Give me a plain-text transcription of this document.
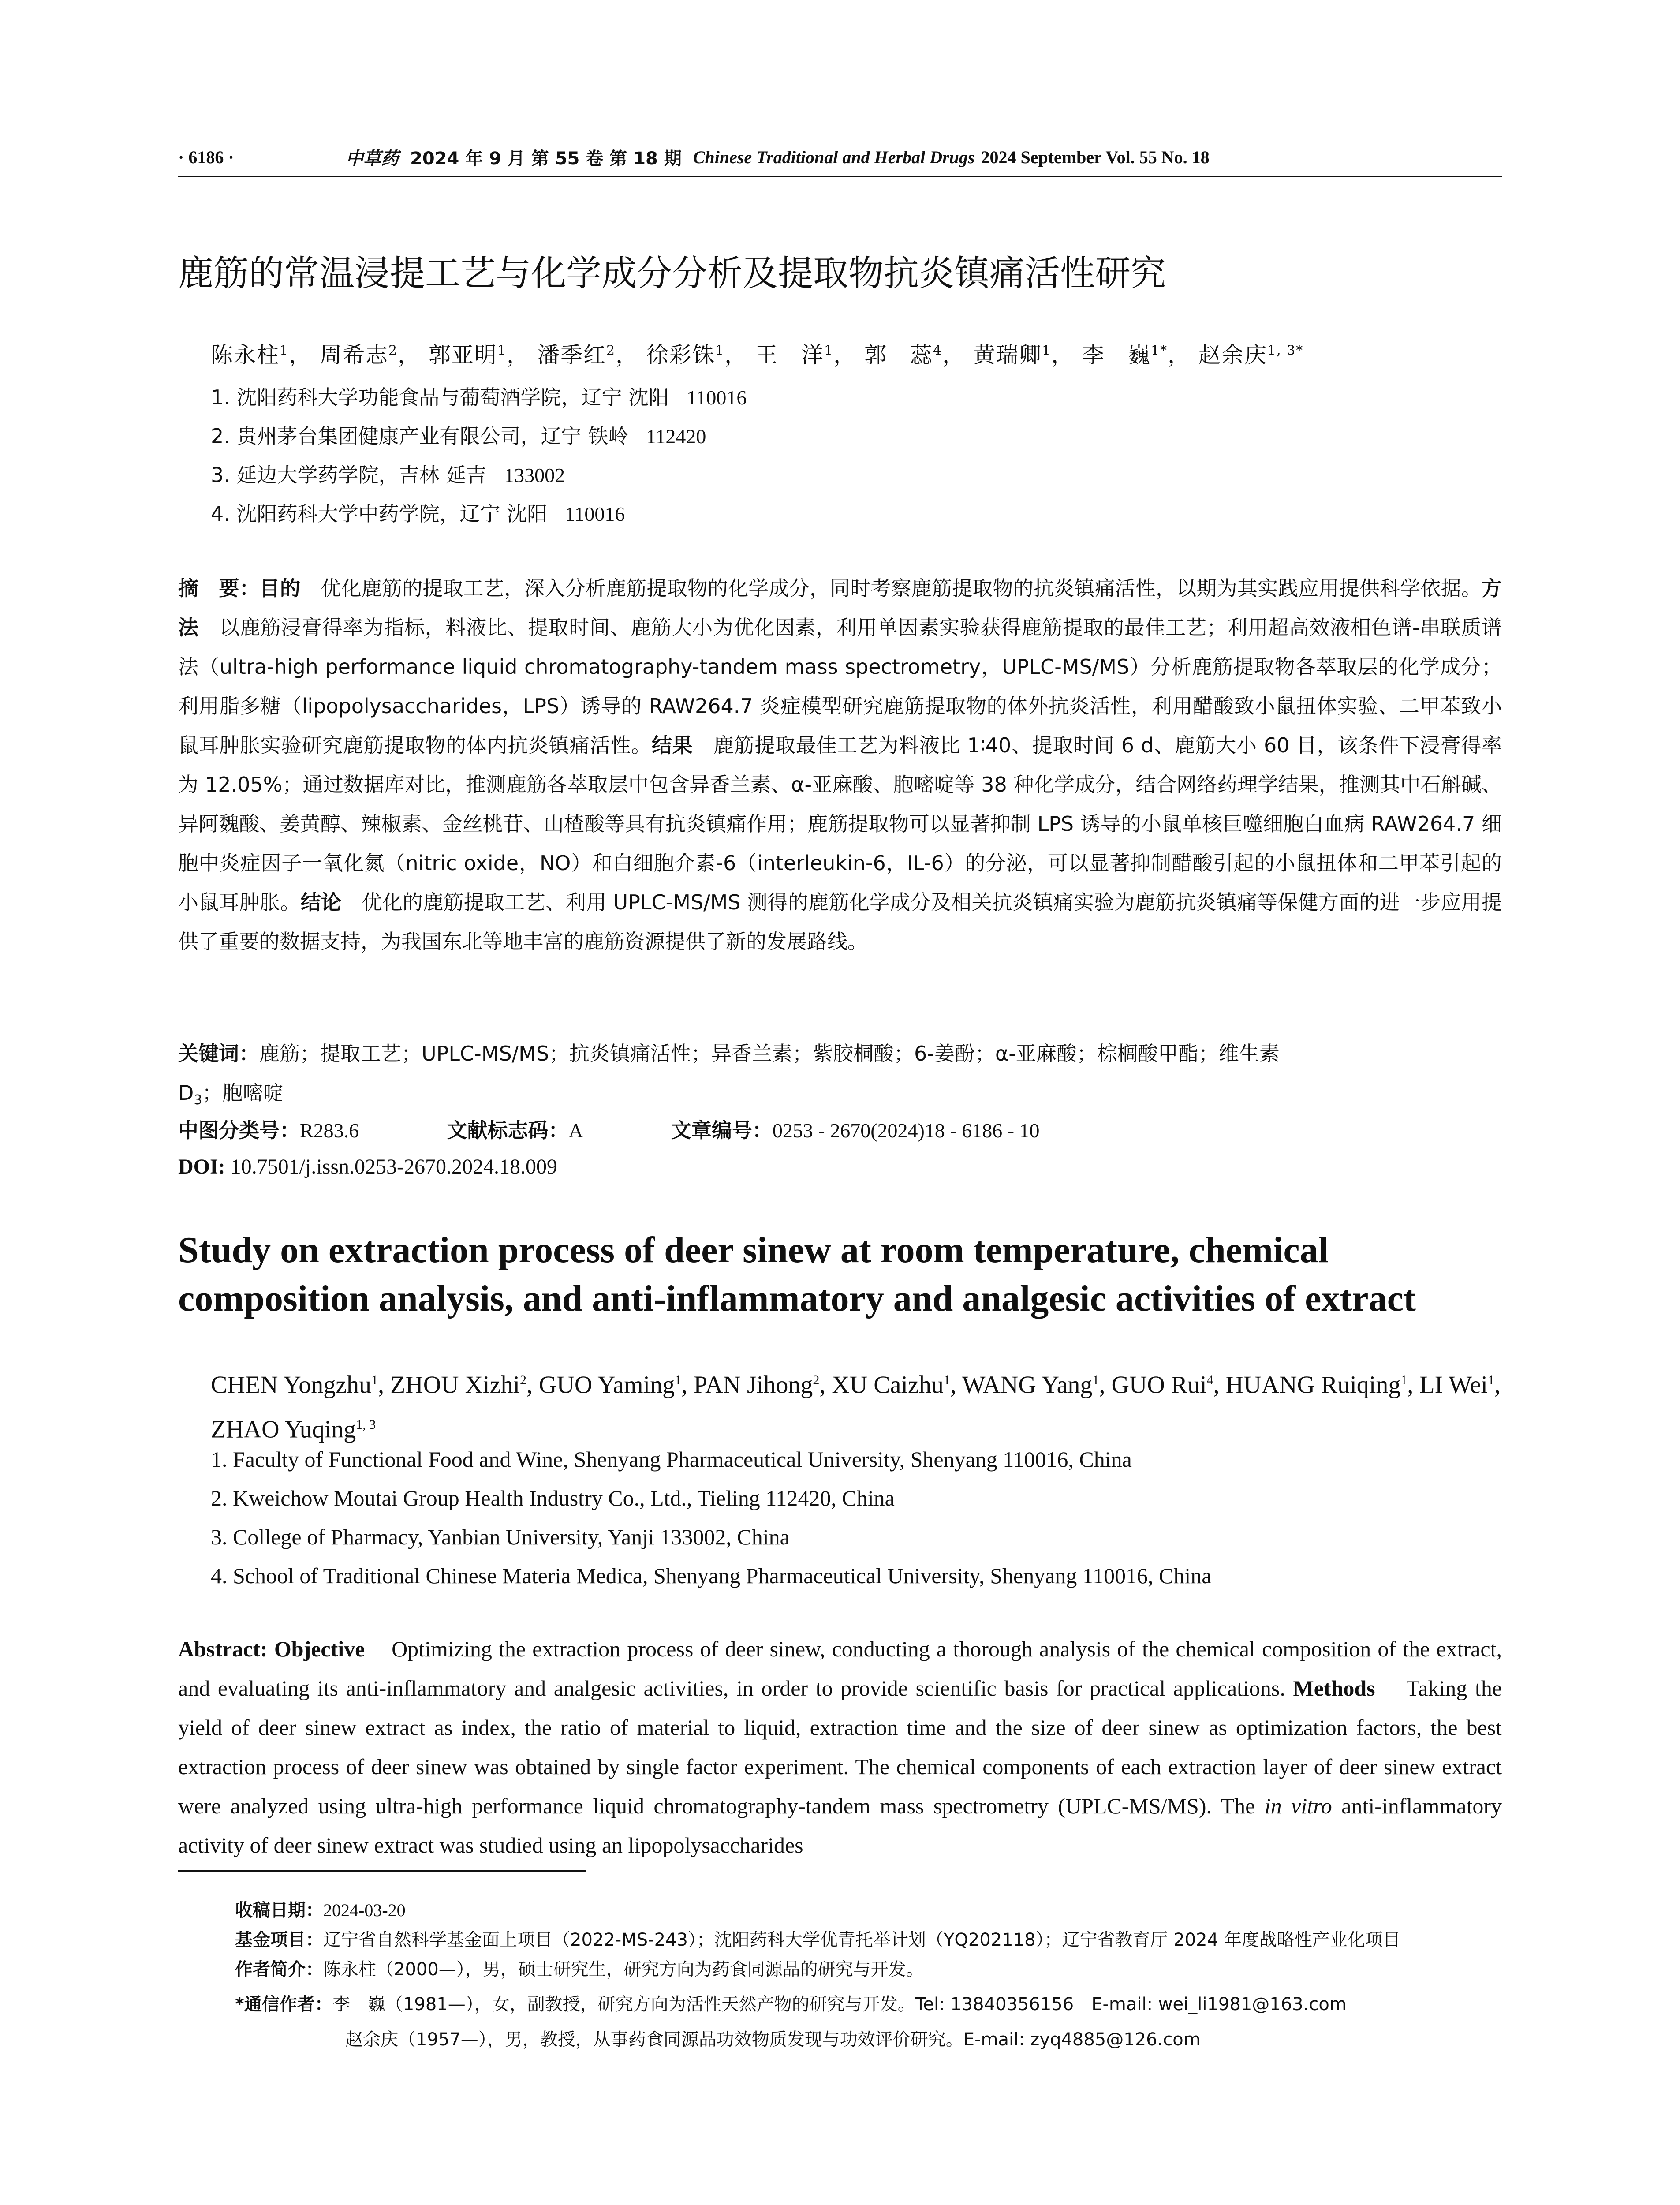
· 6186 ·	中草药 2024 年 9 月 第 55 卷 第 18 期 Chinese Traditional and Herbal Drugs 2024 September Vol. 55 No. 18
鹿筋的常温浸提工艺与化学成分分析及提取物抗炎镇痛活性研究
陈永柱$^1$， 周希志$^2$， 郭亚明$^1$， 潘季红$^2$， 徐彩铢$^1$， 王　洋$^1$， 郭　蕊$^4$， 黄瑞卿$^1$， 李　巍$^{1*}$， 赵余庆$^{1, 3*}$
1. 沈阳药科大学功能食品与葡萄酒学院，辽宁 沈阳 110016
2. 贵州茅台集团健康产业有限公司，辽宁 铁岭 112420
3. 延边大学药学院，吉林 延吉 133002
4. 沈阳药科大学中药学院，辽宁 沈阳 110016
摘　要：目的　 优化鹿筋的提取工艺，深入分析鹿筋提取物的化学成分，同时考察鹿筋提取物的抗炎镇痛活性，以期为其实践应用提供科学依据。方法　 以鹿筋浸膏得率为指标，料液比、提取时间、鹿筋大小为优化因素，利用单因素实验获得鹿筋提取的最佳工艺；利用超高效液相色谱-串联质谱法（ultra-high performance liquid chromatography-tandem mass spectrometry，UPLC-MS/MS）分析鹿筋提取物各萃取层的化学成分；利用脂多糖（lipopolysaccharides，LPS）诱导的 RAW264.7 炎症模型研究鹿筋提取物的体外抗炎活性，利用醋酸致小鼠扭体实验、二甲苯致小鼠耳肿胀实验研究鹿筋提取物的体内抗炎镇痛活性。结果　 鹿筋提取最佳工艺为料液比 1∶40、提取时间 6 d、鹿筋大小 60 目，该条件下浸膏得率为 12.05%；通过数据库对比，推测鹿筋各萃取层中包含异香兰素、α-亚麻酸、胞嘧啶等 38 种化学成分，结合网络药理学结果，推测其中石斛碱、异阿魏酸、姜黄醇、辣椒素、金丝桃苷、山楂酸等具有抗炎镇痛作用；鹿筋提取物可以显著抑制 LPS 诱导的小鼠单核巨噬细胞白血病 RAW264.7 细胞中炎症因子一氧化氮（nitric oxide，NO）和白细胞介素-6（interleukin-6，IL-6）的分泌，可以显著抑制醋酸引起的小鼠扭体和二甲苯引起的小鼠耳肿胀。结论　 优化的鹿筋提取工艺、利用 UPLC-MS/MS 测得的鹿筋化学成分及相关抗炎镇痛实验为鹿筋抗炎镇痛等保健方面的进一步应用提供了重要的数据支持，为我国东北等地丰富的鹿筋资源提供了新的发展路线。
关键词：鹿筋；提取工艺；UPLC-MS/MS；抗炎镇痛活性；异香兰素；紫胶桐酸；6-姜酚；α-亚麻酸；棕榈酸甲酯；维生素
$D_3$；胞嘧啶
中图分类号：R283.6	文献标志码：A	文章编号：0253 - 2670(2024)18 - 6186 - 10
DOI: 10.7501/j.issn.0253-2670.2024.18.009
Study on extraction process of deer sinew at room temperature, chemical composition analysis, and anti-inflammatory and analgesic activities of extract
CHEN Yongzhu$^1$, ZHOU Xizhi$^2$, GUO Yaming$^1$, PAN Jihong$^2$, XU Caizhu$^1$, WANG Yang$^1$, GUO Rui$^4$, HUANG Ruiqing$^1$, LI Wei$^1$, ZHAO Yuqing$^{1, 3}$
1. Faculty of Functional Food and Wine, Shenyang Pharmaceutical University, Shenyang 110016, China
2. Kweichow Moutai Group Health Industry Co., Ltd., Tieling 112420, China
3. College of Pharmacy, Yanbian University, Yanji 133002, China
4. School of Traditional Chinese Materia Medica, Shenyang Pharmaceutical University, Shenyang 110016, China
Abstract: Objective Optimizing the extraction process of deer sinew, conducting a thorough analysis of the chemical composition of the extract, and evaluating its anti-inflammatory and analgesic activities, in order to provide scientific basis for practical applications. Methods Taking the yield of deer sinew extract as index, the ratio of material to liquid, extraction time and the size of deer sinew as optimization factors, the best extraction process of deer sinew was obtained by single factor experiment. The chemical components of each extraction layer of deer sinew extract were analyzed using ultra-high performance liquid chromatography-tandem mass spectrometry (UPLC-MS/MS). The in vitro anti-inflammatory activity of deer sinew extract was studied using an lipopolysaccharides
收稿日期：2024-03-20
基金项目：辽宁省自然科学基金面上项目（2022-MS-243）；沈阳药科大学优青托举计划（YQ202118）；辽宁省教育厅 2024 年度战略性产业化项目
作者简介：陈永柱（2000—），男，硕士研究生，研究方向为药食同源品的研究与开发。
*通信作者：李　巍（1981—），女，副教授，研究方向为活性天然产物的研究与开发。Tel: 13840356156　E-mail: wei_li1981@163.com
赵余庆（1957—），男，教授，从事药食同源品功效物质发现与功效评价研究。E-mail: zyq4885@126.com
